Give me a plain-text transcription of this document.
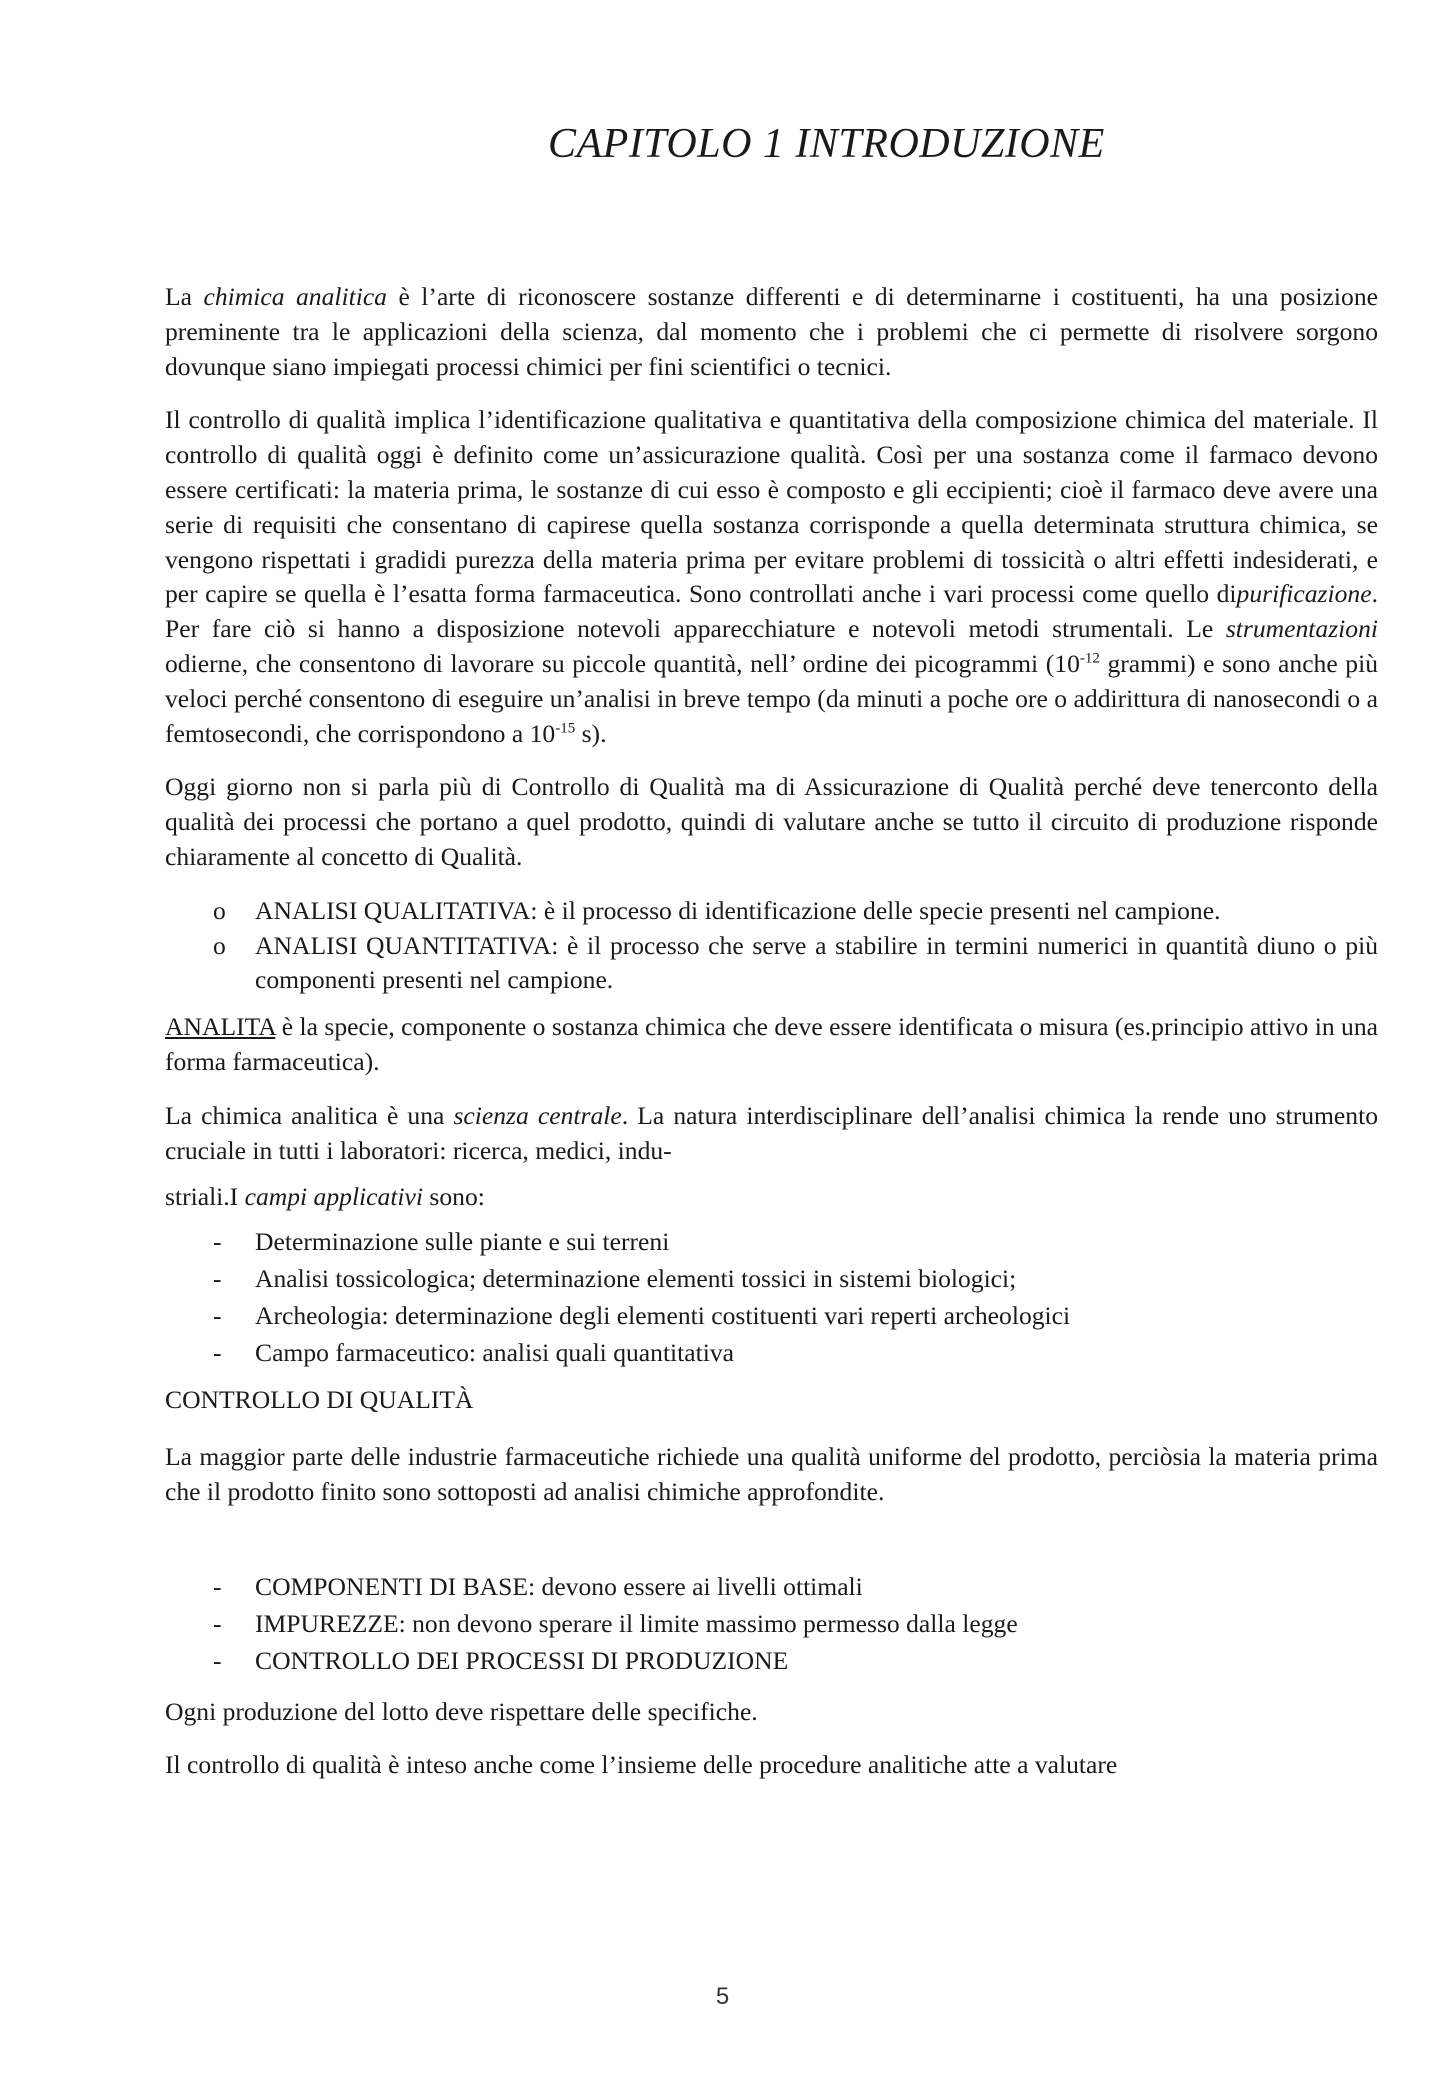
CAPITOLO 1 INTRODUZIONE

La chimica analitica è l’arte di riconoscere sostanze differenti e di determinarne i costituenti, ha una posizione preminente tra le applicazioni della scienza, dal momento che i problemi che ci permette di risolvere sorgono dovunque siano impiegati processi chimici per fini scientifici o tecnici.

Il controllo di qualità implica l’identificazione qualitativa e quantitativa della composizione chimica del materiale. Il controllo di qualità oggi è definito come un’assicurazione qualità. Così per una sostanza come il farmaco devono essere certificati: la materia prima, le sostanze di cui esso è composto e gli eccipienti; cioè il farmaco deve avere una serie di requisiti che consentano di capirese quella sostanza corrisponde a quella determinata struttura chimica, se vengono rispettati i gradidi purezza della materia prima per evitare problemi di tossicità o altri effetti indesiderati, e per capire se quella è l’esatta forma farmaceutica. Sono controllati anche i vari processi come quello dipurificazione. Per fare ciò si hanno a disposizione notevoli apparecchiature e notevoli metodi strumentali. Le strumentazioni odierne, che consentono di lavorare su piccole quantità, nell’ ordine dei picogrammi ($10^{-12}$ grammi) e sono anche più veloci perché consentono di eseguire un’analisi in breve tempo (da minuti a poche ore o addirittura di nanosecondi o a femtosecondi, che corrispondono a $10^{-15}$ s).

Oggi giorno non si parla più di Controllo di Qualità ma di Assicurazione di Qualità perché deve tenerconto della qualità dei processi che portano a quel prodotto, quindi di valutare anche se tutto il circuito di produzione risponde chiaramente al concetto di Qualità.

o ANALISI QUALITATIVA: è il processo di identificazione delle specie presenti nel campione.
o ANALISI QUANTITATIVA: è il processo che serve a stabilire in termini numerici in quantità diuno o più componenti presenti nel campione.

ANALITA è la specie, componente o sostanza chimica che deve essere identificata o misura (es.principio attivo in una forma farmaceutica).

La chimica analitica è una scienza centrale. La natura interdisciplinare dell’analisi chimica la rende uno strumento cruciale in tutti i laboratori: ricerca, medici, indu-

striali.I campi applicativi sono:

- Determinazione sulle piante e sui terreni
- Analisi tossicologica; determinazione elementi tossici in sistemi biologici;
- Archeologia: determinazione degli elementi costituenti vari reperti archeologici
- Campo farmaceutico: analisi quali quantitativa

CONTROLLO DI QUALITÀ

La maggior parte delle industrie farmaceutiche richiede una qualità uniforme del prodotto, perciòsia la materia prima che il prodotto finito sono sottoposti ad analisi chimiche approfondite.

- COMPONENTI DI BASE: devono essere ai livelli ottimali
- IMPUREZZE: non devono sperare il limite massimo permesso dalla legge
- CONTROLLO DEI PROCESSI DI PRODUZIONE

Ogni produzione del lotto deve rispettare delle specifiche.

Il controllo di qualità è inteso anche come l’insieme delle procedure analitiche atte a valutare

5
